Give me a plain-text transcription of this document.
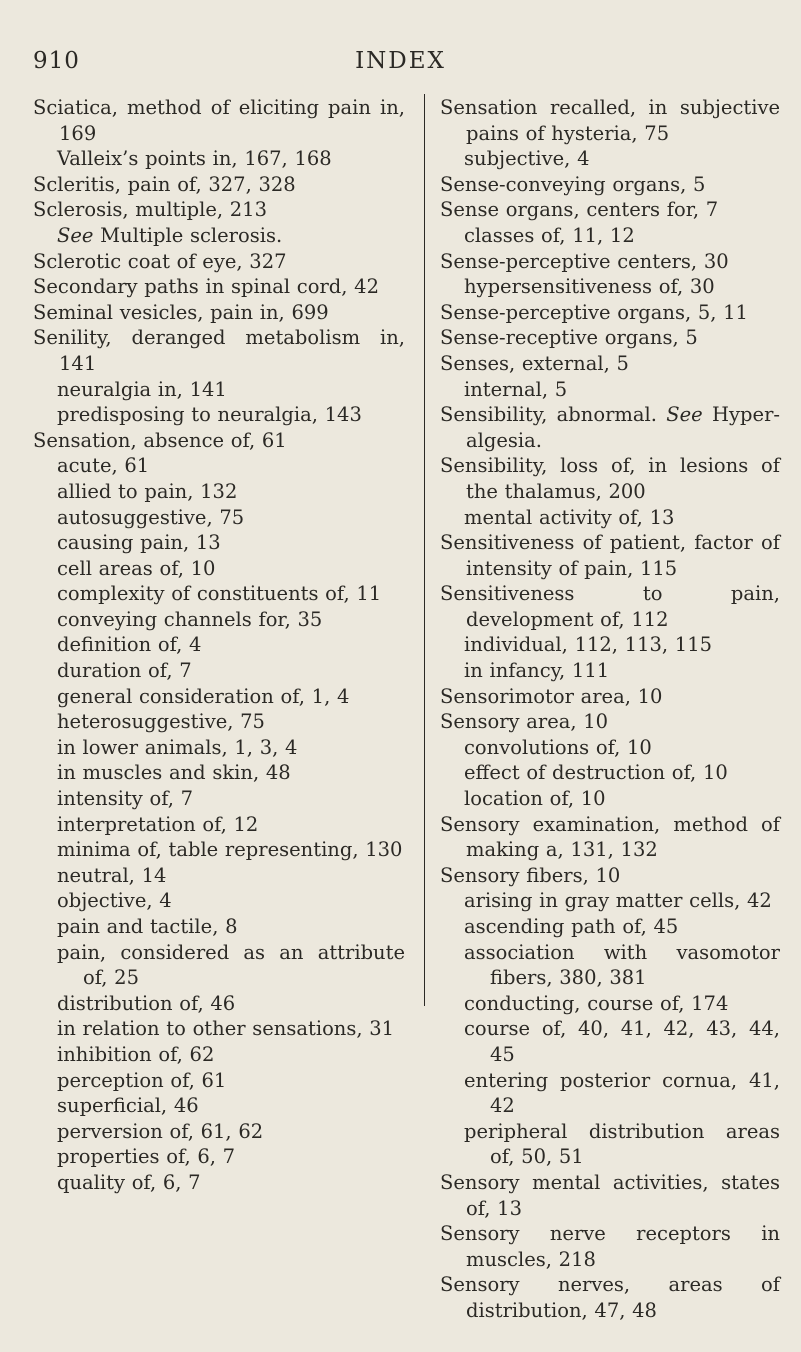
910	INDEX
Sciatica, method of eliciting pain in, 169
Valleix’s points in, 167, 168
Scleritis, pain of, 327, 328
Sclerosis, multiple, 213
See Multiple sclerosis.
Sclerotic coat of eye, 327
Secondary paths in spinal cord, 42
Seminal vesicles, pain in, 699
Senility, deranged metabolism in, 141
neuralgia in, 141
predisposing to neuralgia, 143
Sensation, absence of, 61
acute, 61
allied to pain, 132
autosuggestive, 75
causing pain, 13
cell areas of, 10
complexity of constituents of, 11
conveying channels for, 35
definition of, 4
duration of, 7
general consideration of, 1, 4
heterosuggestive, 75
in lower animals, 1, 3, 4
in muscles and skin, 48
intensity of, 7
interpretation of, 12
minima of, table representing, 130
neutral, 14
objective, 4
pain and tactile, 8
pain, considered as an attribute of, 25
distribution of, 46
in relation to other sensations, 31
inhibition of, 62
perception of, 61
superficial, 46
perversion of, 61, 62
properties of, 6, 7
quality of, 6, 7
Sensation recalled, in subjective pains of hysteria, 75
subjective, 4
Sense-conveying organs, 5
Sense organs, centers for, 7
classes of, 11, 12
Sense-perceptive centers, 30
hypersensitiveness of, 30
Sense-perceptive organs, 5, 11
Sense-receptive organs, 5
Senses, external, 5
internal, 5
Sensibility, abnormal. See Hyper-algesia.
Sensibility, loss of, in lesions of the thalamus, 200
mental activity of, 13
Sensitiveness of patient, factor of intensity of pain, 115
Sensitiveness to pain, development of, 112
individual, 112, 113, 115
in infancy, 111
Sensorimotor area, 10
Sensory area, 10
convolutions of, 10
effect of destruction of, 10
location of, 10
Sensory examination, method of making a, 131, 132
Sensory fibers, 10
arising in gray matter cells, 42
ascending path of, 45
association with vasomotor fibers, 380, 381
conducting, course of, 174
course of, 40, 41, 42, 43, 44, 45
entering posterior cornua, 41, 42
peripheral distribution areas of, 50, 51
Sensory mental activities, states of, 13
Sensory nerve receptors in muscles, 218
Sensory nerves, areas of distribution, 47, 48
